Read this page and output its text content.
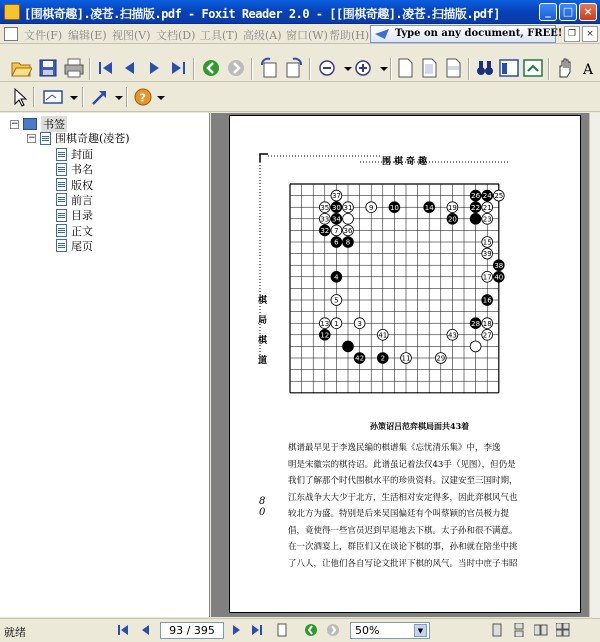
[围棋奇趣].凌苍.扫描版.pdf - Foxit Reader 2.0 - [[围棋奇趣].凌苍.扫描版.pdf]	_	□ ×
文件(F) 编辑(E) 视图(V) 文档(D) 工具(T) 高级(A) 窗口(W) 帮助(H)	Type on any document, FREE! ❐	×
A
?
− 书签
− 围棋奇趣(凌苍)
封面
书名
版权
前言
目录
正文
尾页
37
30 31
35
33 34
32 7 36
6 8
9 10	14 19
20
26 24 25
22 21
23
15
39
38
17 40
4
5	16
13 1	3
12	41	43
28 18
27
42 2 11	29
围棋奇趣
棋局棋道
80
孙策诏吕范弈棋局面共43着
棋谱最早见于李逸民编的棋谱集《忘忧清乐集》中，李逸
明是宋徽宗的棋待诏。此谱虽记着法仅43手（见图），但仍是
我们了解那个时代围棋水平的珍贵资料。汉建安至三国时期，
江东战争大大少于北方，生活相对安定得多，因此弈棋风气也
较北方为盛。特别是后来吴国偏廷有个叫蔡颖的官员极力提
倡，竟使得一些官员迟到早退地去下棋。太子孙和很不满意。
在一次酒宴上，群臣们又在谈论下棋的事，孙和就在陪坐中挑
了八人，让他们各自写论文批评下棋的风气。当时中庶子韦昭
就绪	93 / 395	50%	▼
